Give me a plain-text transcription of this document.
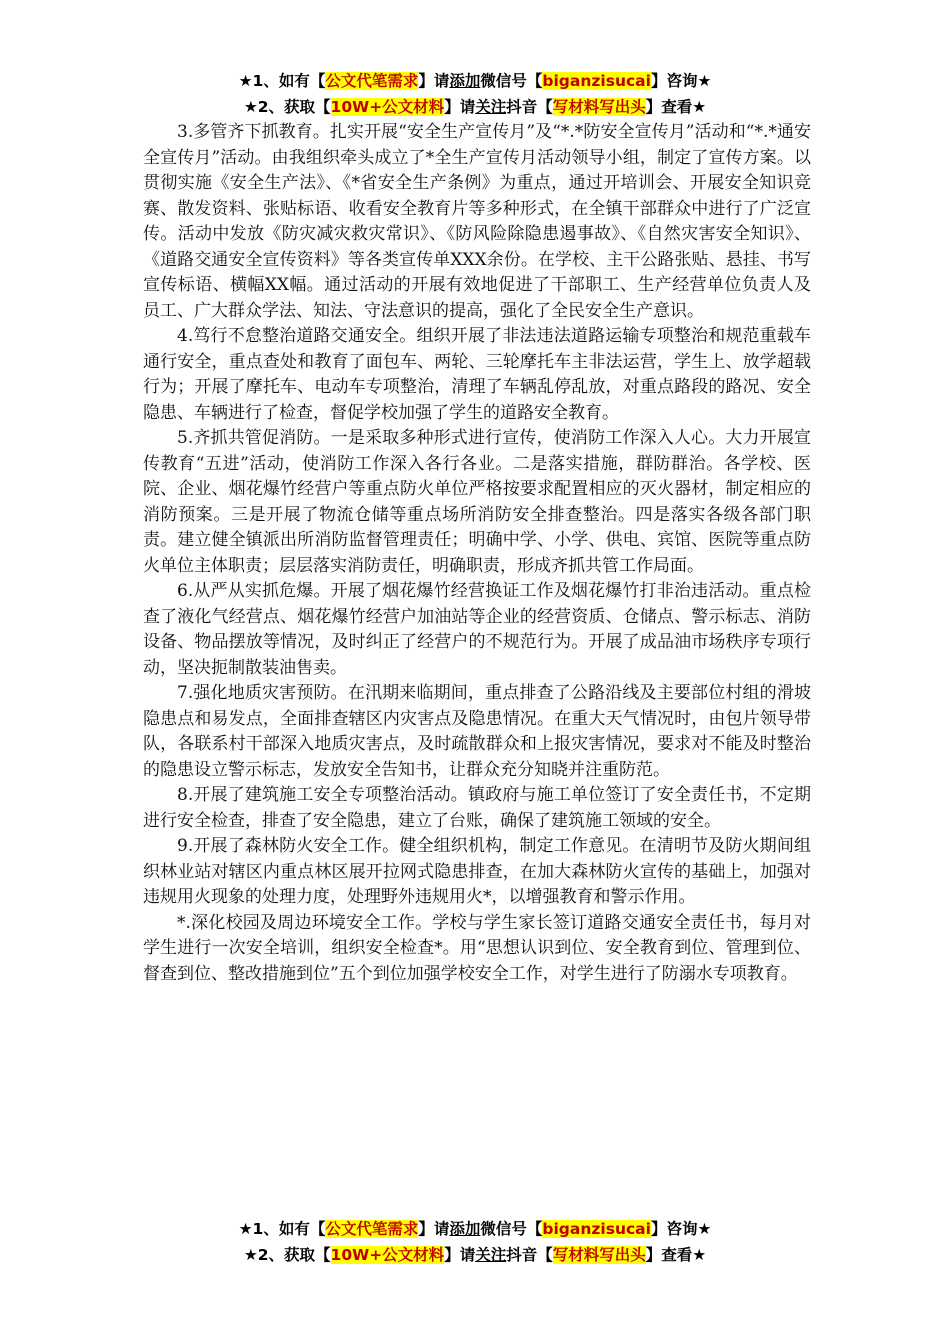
★1、如有【公文代笔需求】请添加微信号【biganzisucai】咨询★
★2、获取【10W+公文材料】请关注抖音【写材料写出头】查看★

3.多管齐下抓教育。扎实开展“安全生产宣传月”及“*.*防安全宣传月”活动和“*.*通安全宣传月”活动。由我组织牵头成立了*全生产宣传月活动领导小组，制定了宣传方案。以贯彻实施《安全生产法》、《*省安全生产条例》为重点，通过开培训会、开展安全知识竞赛、散发资料、张贴标语、收看安全教育片等多种形式，在全镇干部群众中进行了广泛宣传。活动中发放《防灾减灾救灾常识》、《防风险除隐患遏事故》、《自然灾害安全知识》、《道路交通安全宣传资料》等各类宣传单XXX余份。在学校、主干公路张贴、悬挂、书写宣传标语、横幅XX幅。通过活动的开展有效地促进了干部职工、生产经营单位负责人及员工、广大群众学法、知法、守法意识的提高，强化了全民安全生产意识。

4.笃行不怠整治道路交通安全。组织开展了非法违法道路运输专项整治和规范重载车通行安全，重点查处和教育了面包车、两轮、三轮摩托车主非法运营，学生上、放学超载行为；开展了摩托车、电动车专项整治，清理了车辆乱停乱放，对重点路段的路况、安全隐患、车辆进行了检查，督促学校加强了学生的道路安全教育。

5.齐抓共管促消防。一是采取多种形式进行宣传，使消防工作深入人心。大力开展宣传教育“五进”活动，使消防工作深入各行各业。二是落实措施，群防群治。各学校、医院、企业、烟花爆竹经营户等重点防火单位严格按要求配置相应的灭火器材，制定相应的消防预案。三是开展了物流仓储等重点场所消防安全排查整治。四是落实各级各部门职责。建立健全镇派出所消防监督管理责任；明确中学、小学、供电、宾馆、医院等重点防火单位主体职责；层层落实消防责任，明确职责，形成齐抓共管工作局面。

6.从严从实抓危爆。开展了烟花爆竹经营换证工作及烟花爆竹打非治违活动。重点检查了液化气经营点、烟花爆竹经营户加油站等企业的经营资质、仓储点、警示标志、消防设备、物品摆放等情况，及时纠正了经营户的不规范行为。开展了成品油市场秩序专项行动，坚决扼制散装油售卖。

7.强化地质灾害预防。在汛期来临期间，重点排查了公路沿线及主要部位村组的滑坡隐患点和易发点，全面排查辖区内灾害点及隐患情况。在重大天气情况时，由包片领导带队，各联系村干部深入地质灾害点，及时疏散群众和上报灾害情况，要求对不能及时整治的隐患设立警示标志，发放安全告知书，让群众充分知晓并注重防范。

8.开展了建筑施工安全专项整治活动。镇政府与施工单位签订了安全责任书，不定期进行安全检查，排查了安全隐患，建立了台账，确保了建筑施工领域的安全。

9.开展了森林防火安全工作。健全组织机构，制定工作意见。在清明节及防火期间组织林业站对辖区内重点林区展开拉网式隐患排查，在加大森林防火宣传的基础上，加强对违规用火现象的处理力度，处理野外违规用火*，以增强教育和警示作用。

*.深化校园及周边环境安全工作。学校与学生家长签订道路交通安全责任书，每月对学生进行一次安全培训，组织安全检查*。用“思想认识到位、安全教育到位、管理到位、督查到位、整改措施到位”五个到位加强学校安全工作，对学生进行了防溺水专项教育。

★1、如有【公文代笔需求】请添加微信号【biganzisucai】咨询★
★2、获取【10W+公文材料】请关注抖音【写材料写出头】查看★
